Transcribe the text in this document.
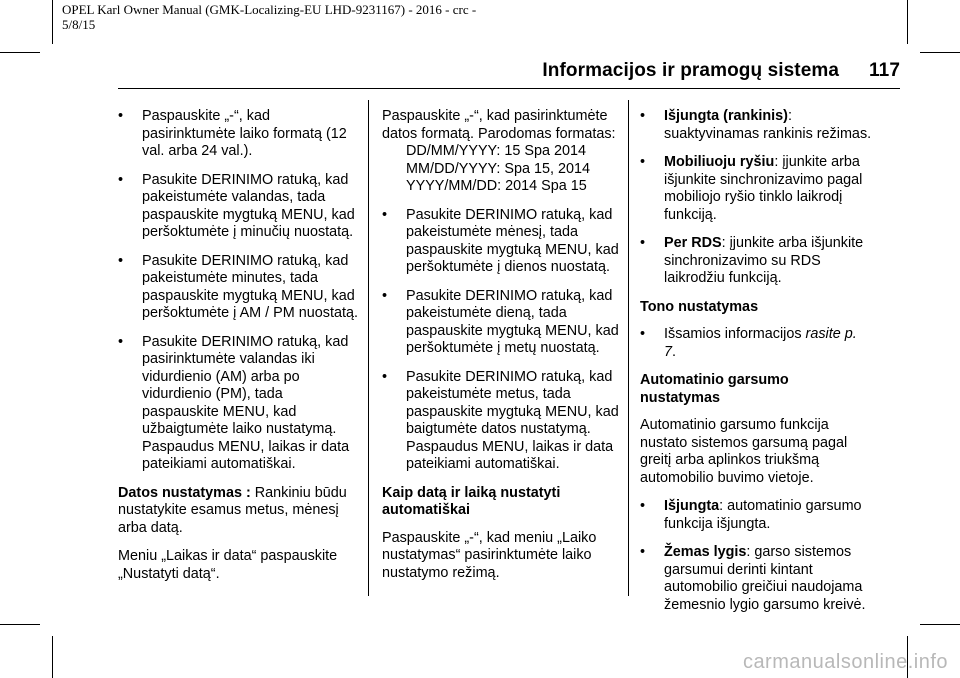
OPEL Karl Owner Manual (GMK-Localizing-EU LHD-9231167) - 2016 - crc -
5/8/15
Informacijos ir pramogų sistema 117
• Paspauskite „-“, kad pasirinktumėte laiko formatą (12 val. arba 24 val.).
• Pasukite DERINIMO ratuką, kad pakeistumėte valandas, tada paspauskite mygtuką MENU, kad peršoktumėte į minučių nuostatą.
• Pasukite DERINIMO ratuką, kad pakeistumėte minutes, tada paspauskite mygtuką MENU, kad peršoktumėte į AM / PM nuostatą.
• Pasukite DERINIMO ratuką, kad pasirinktumėte valandas iki vidurdienio (AM) arba po vidurdienio (PM), tada paspauskite MENU, kad užbaigtumėte laiko nustatymą. Paspaudus MENU, laikas ir data pateikiami automatiškai.

Datos nustatymas : Rankiniu būdu nustatykite esamus metus, mėnesį arba datą.

Meniu „Laikas ir data“ paspauskite „Nustatyti datą“.

Paspauskite „-“, kad pasirinktumėte datos formatą. Parodomas formatas:
DD/MM/YYYY: 15 Spa 2014
MM/DD/YYYY: Spa 15, 2014
YYYY/MM/DD: 2014 Spa 15

• Pasukite DERINIMO ratuką, kad pakeistumėte mėnesį, tada paspauskite mygtuką MENU, kad peršoktumėte į dienos nuostatą.
• Pasukite DERINIMO ratuką, kad pakeistumėte dieną, tada paspauskite mygtuką MENU, kad peršoktumėte į metų nuostatą.
• Pasukite DERINIMO ratuką, kad pakeistumėte metus, tada paspauskite mygtuką MENU, kad baigtumėte datos nustatymą. Paspaudus MENU, laikas ir data pateikiami automatiškai.

Kaip datą ir laiką nustatyti automatiškai

Paspauskite „-“, kad meniu „Laiko nustatymas“ pasirinktumėte laiko nustatymo režimą.

• Išjungta (rankinis): suaktyvinamas rankinis režimas.
• Mobiliuoju ryšiu: įjunkite arba išjunkite sinchronizavimo pagal mobiliojo ryšio tinklo laikrodį funkciją.
• Per RDS: įjunkite arba išjunkite sinchronizavimo su RDS laikrodžiu funkciją.

Tono nustatymas

• Išsamios informacijos rasite p. 7.

Automatinio garsumo nustatymas

Automatinio garsumo funkcija nustato sistemos garsumą pagal greitį arba aplinkos triukšmą automobilio buvimo vietoje.

• Išjungta: automatinio garsumo funkcija išjungta.
• Žemas lygis: garso sistemos garsumui derinti kintant automobilio greičiui naudojama žemesnio lygio garsumo kreivė.
carmanualsonline.info
